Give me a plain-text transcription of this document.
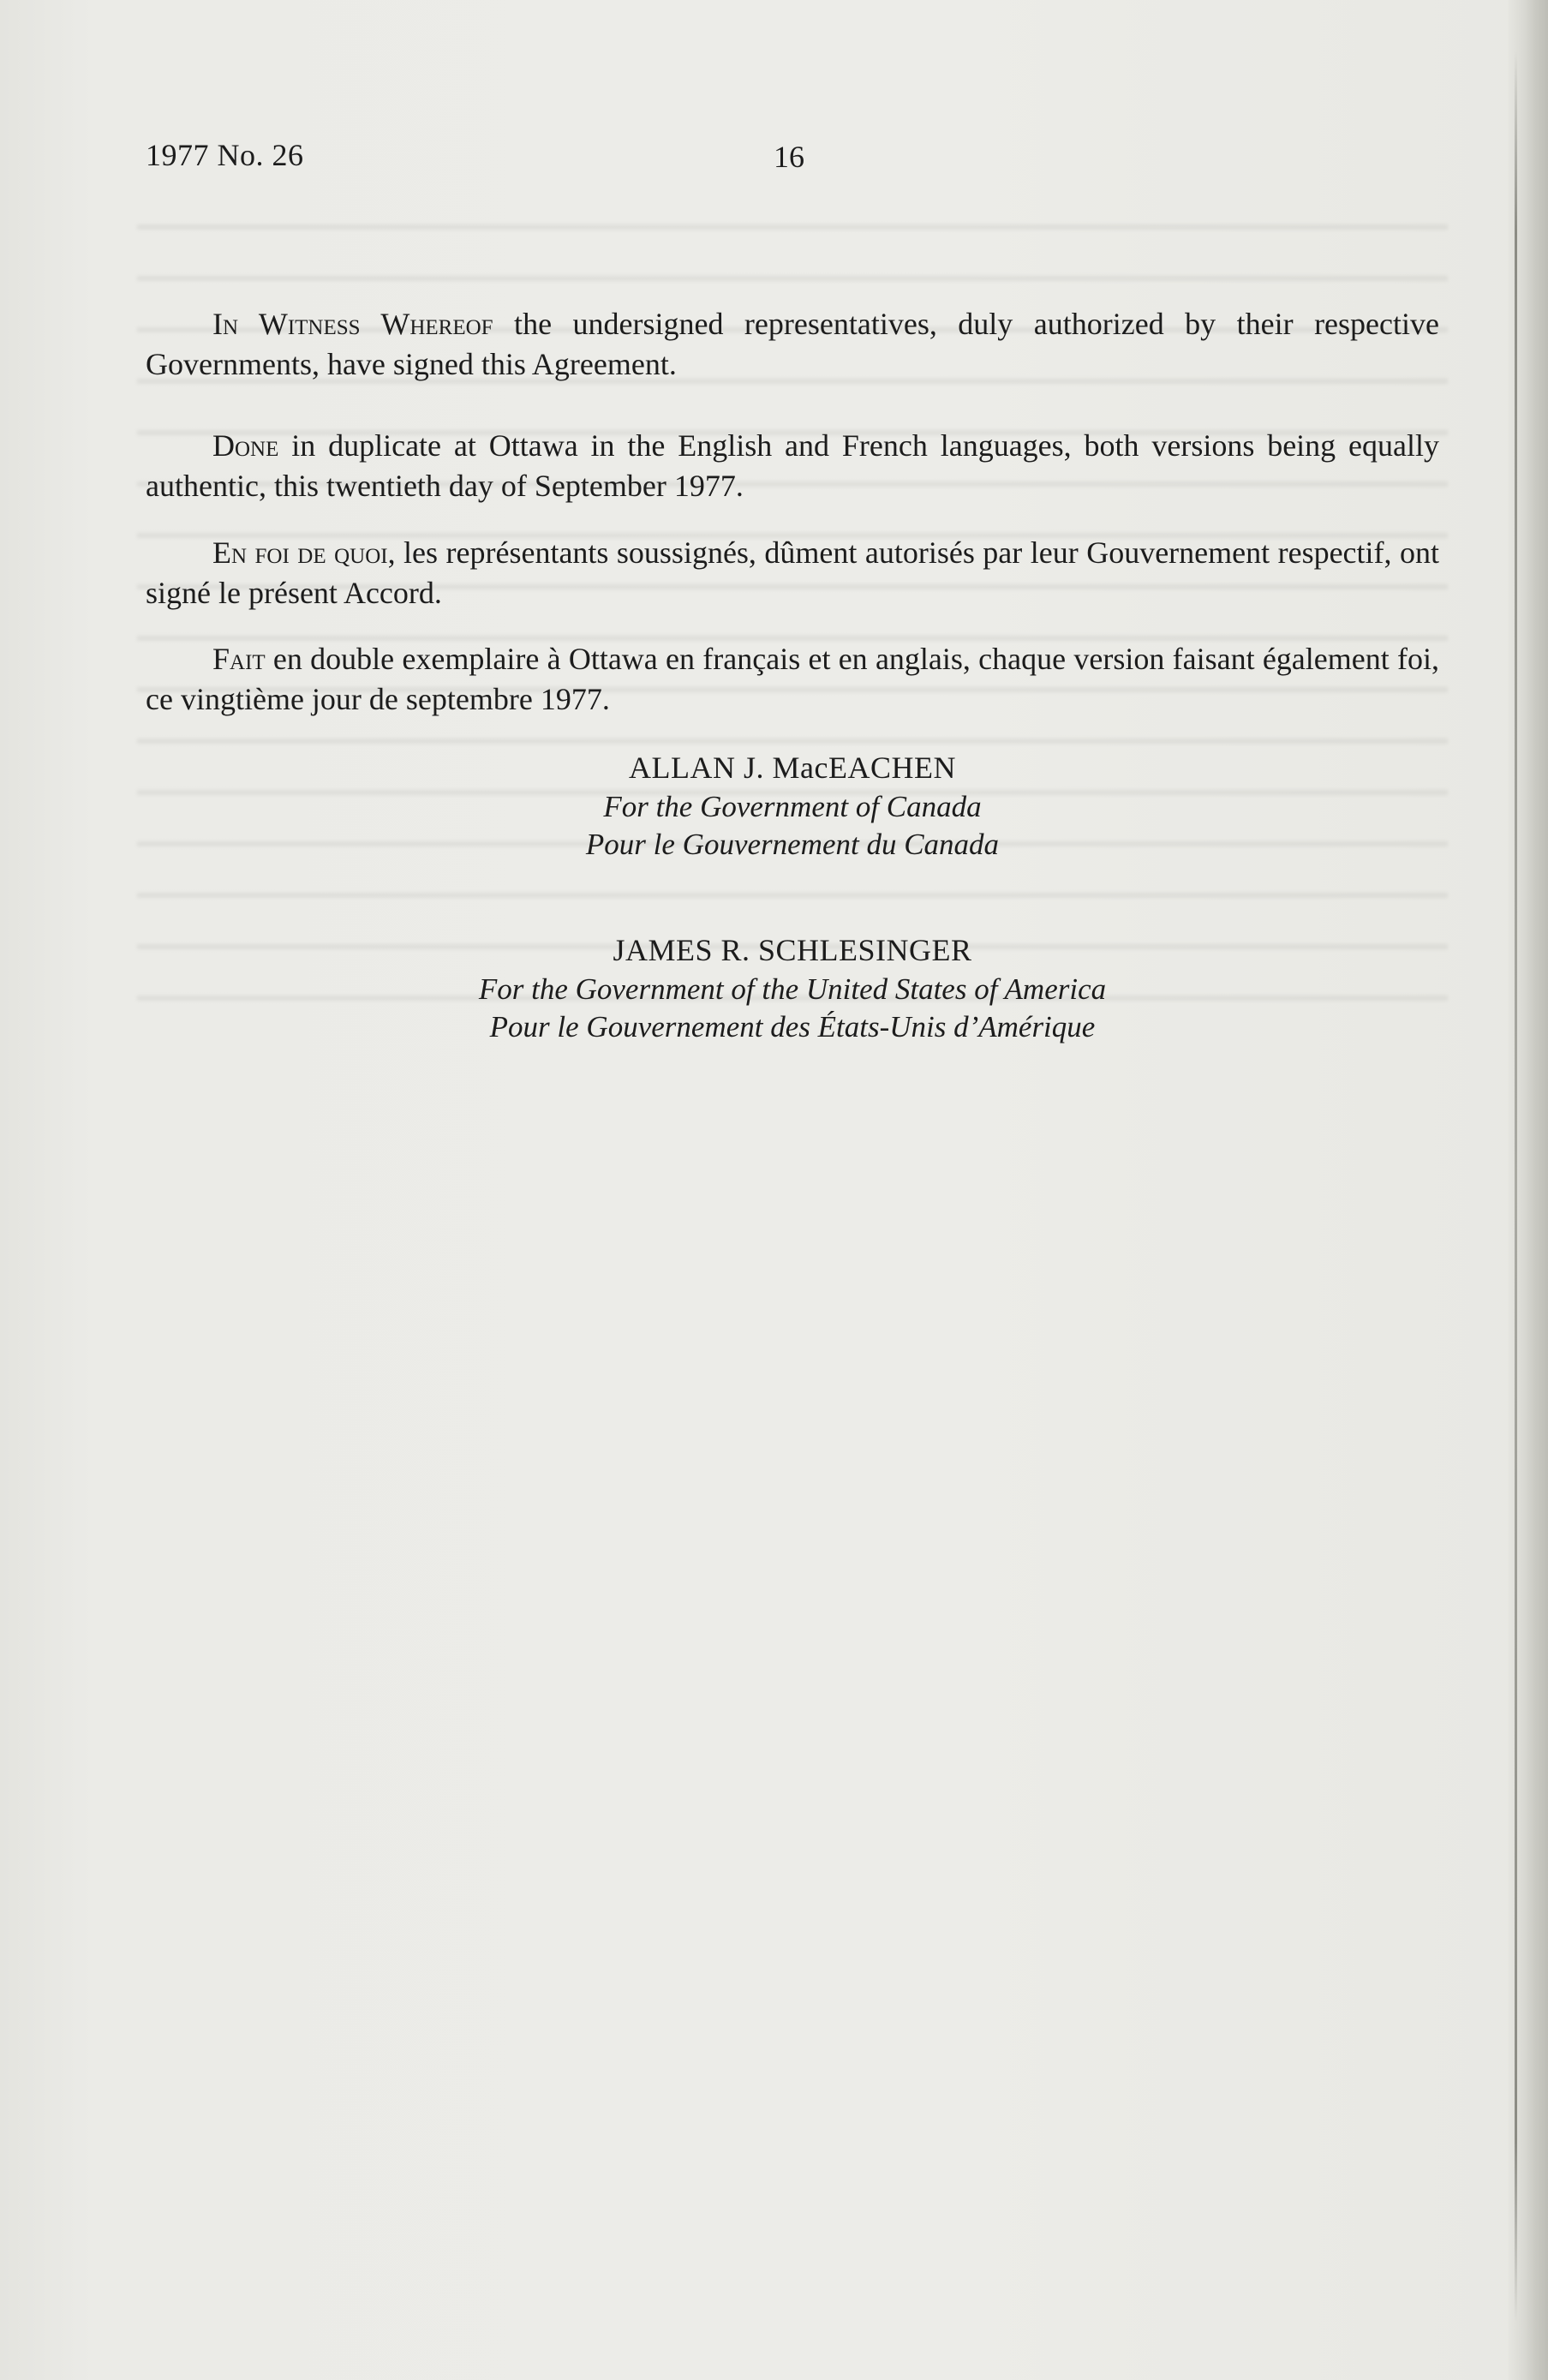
1977 No. 26	16

In Witness Whereof the undersigned representatives, duly authorized by their respective Governments, have signed this Agreement.

Done in duplicate at Ottawa in the English and French languages, both versions being equally authentic, this twentieth day of September 1977.

En foi de quoi, les représentants soussignés, dûment autorisés par leur Gouvernement respectif, ont signé le présent Accord.

Fait en double exemplaire à Ottawa en français et en anglais, chaque version faisant également foi, ce vingtième jour de septembre 1977.

ALLAN J. MacEACHEN
For the Government of Canada
Pour le Gouvernement du Canada
JAMES R. SCHLESINGER
For the Government of the United States of America
Pour le Gouvernement des États-Unis d’Amérique
